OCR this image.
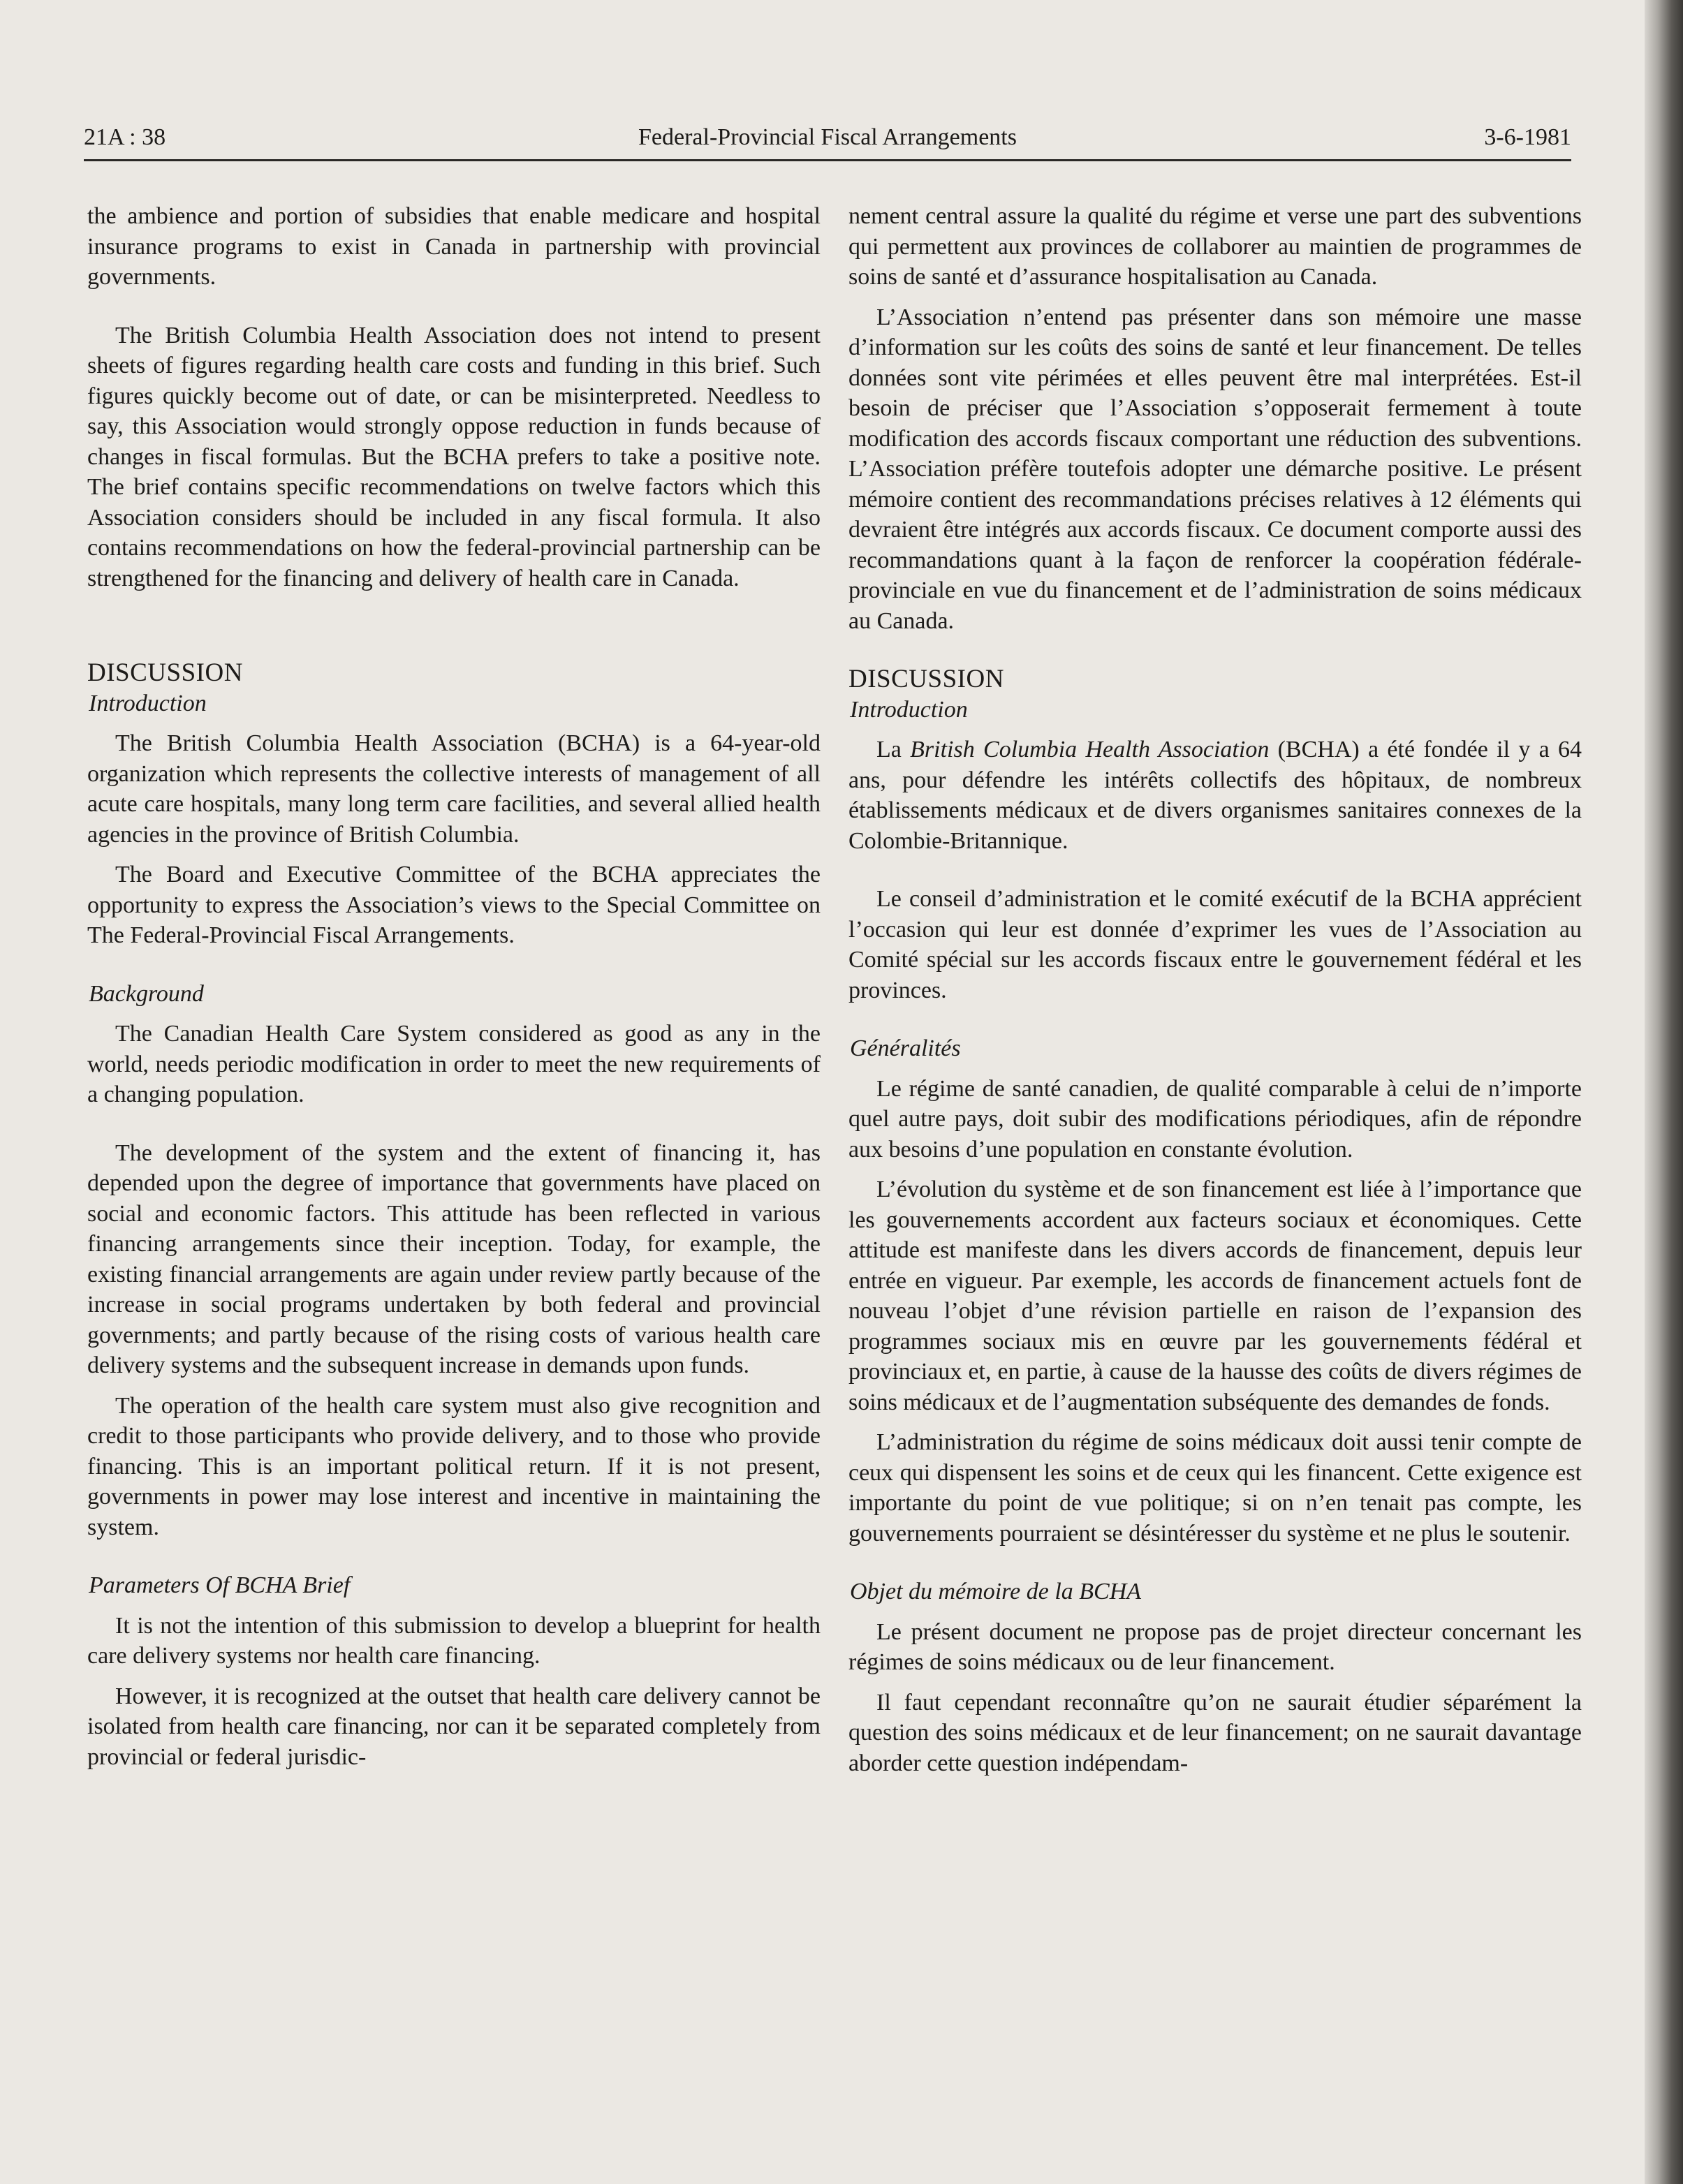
21A : 38	Federal-Provincial Fiscal Arrangements	3-6-1981

the ambience and portion of subsidies that enable medicare and hospital insurance programs to exist in Canada in partnership with provincial governments.

The British Columbia Health Association does not intend to present sheets of figures regarding health care costs and funding in this brief. Such figures quickly become out of date, or can be misinterpreted. Needless to say, this Association would strongly oppose reduction in funds because of changes in fiscal formulas. But the BCHA prefers to take a positive note. The brief contains specific recommendations on twelve factors which this Association considers should be included in any fiscal formula. It also contains recommendations on how the federal-provincial partnership can be strengthened for the financing and delivery of health care in Canada.

DISCUSSION
Introduction

The British Columbia Health Association (BCHA) is a 64-year-old organization which represents the collective interests of management of all acute care hospitals, many long term care facilities, and several allied health agencies in the province of British Columbia.

The Board and Executive Committee of the BCHA appreciates the opportunity to express the Association’s views to the Special Committee on The Federal-Provincial Fiscal Arrangements.

Background

The Canadian Health Care System considered as good as any in the world, needs periodic modification in order to meet the new requirements of a changing population.

The development of the system and the extent of financing it, has depended upon the degree of importance that governments have placed on social and economic factors. This attitude has been reflected in various financing arrangements since their inception. Today, for example, the existing financial arrangements are again under review partly because of the increase in social programs undertaken by both federal and provincial governments; and partly because of the rising costs of various health care delivery systems and the subsequent increase in demands upon funds.

The operation of the health care system must also give recognition and credit to those participants who provide delivery, and to those who provide financing. This is an important political return. If it is not present, governments in power may lose interest and incentive in maintaining the system.

Parameters Of BCHA Brief

It is not the intention of this submission to develop a blueprint for health care delivery systems nor health care financing.

However, it is recognized at the outset that health care delivery cannot be isolated from health care financing, nor can it be separated completely from provincial or federal jurisdic-

nement central assure la qualité du régime et verse une part des subventions qui permettent aux provinces de collaborer au maintien de programmes de soins de santé et d’assurance hospitalisation au Canada.

L’Association n’entend pas présenter dans son mémoire une masse d’information sur les coûts des soins de santé et leur financement. De telles données sont vite périmées et elles peuvent être mal interprétées. Est-il besoin de préciser que l’Association s’opposerait fermement à toute modification des accords fiscaux comportant une réduction des subventions. L’Association préfère toutefois adopter une démarche positive. Le présent mémoire contient des recommandations précises relatives à 12 éléments qui devraient être intégrés aux accords fiscaux. Ce document comporte aussi des recommandations quant à la façon de renforcer la coopération fédérale-provinciale en vue du financement et de l’administration de soins médicaux au Canada.

DISCUSSION
Introduction

La British Columbia Health Association (BCHA) a été fondée il y a 64 ans, pour défendre les intérêts collectifs des hôpitaux, de nombreux établissements médicaux et de divers organismes sanitaires connexes de la Colombie-Britannique.

Le conseil d’administration et le comité exécutif de la BCHA apprécient l’occasion qui leur est donnée d’exprimer les vues de l’Association au Comité spécial sur les accords fiscaux entre le gouvernement fédéral et les provinces.

Généralités

Le régime de santé canadien, de qualité comparable à celui de n’importe quel autre pays, doit subir des modifications périodiques, afin de répondre aux besoins d’une population en constante évolution.

L’évolution du système et de son financement est liée à l’importance que les gouvernements accordent aux facteurs sociaux et économiques. Cette attitude est manifeste dans les divers accords de financement, depuis leur entrée en vigueur. Par exemple, les accords de financement actuels font de nouveau l’objet d’une révision partielle en raison de l’expansion des programmes sociaux mis en œuvre par les gouvernements fédéral et provinciaux et, en partie, à cause de la hausse des coûts de divers régimes de soins médicaux et de l’augmentation subséquente des demandes de fonds.

L’administration du régime de soins médicaux doit aussi tenir compte de ceux qui dispensent les soins et de ceux qui les financent. Cette exigence est importante du point de vue politique; si on n’en tenait pas compte, les gouvernements pourraient se désintéresser du système et ne plus le soutenir.

Objet du mémoire de la BCHA

Le présent document ne propose pas de projet directeur concernant les régimes de soins médicaux ou de leur financement.

Il faut cependant reconnaître qu’on ne saurait étudier séparément la question des soins médicaux et de leur financement; on ne saurait davantage aborder cette question indépendam-
